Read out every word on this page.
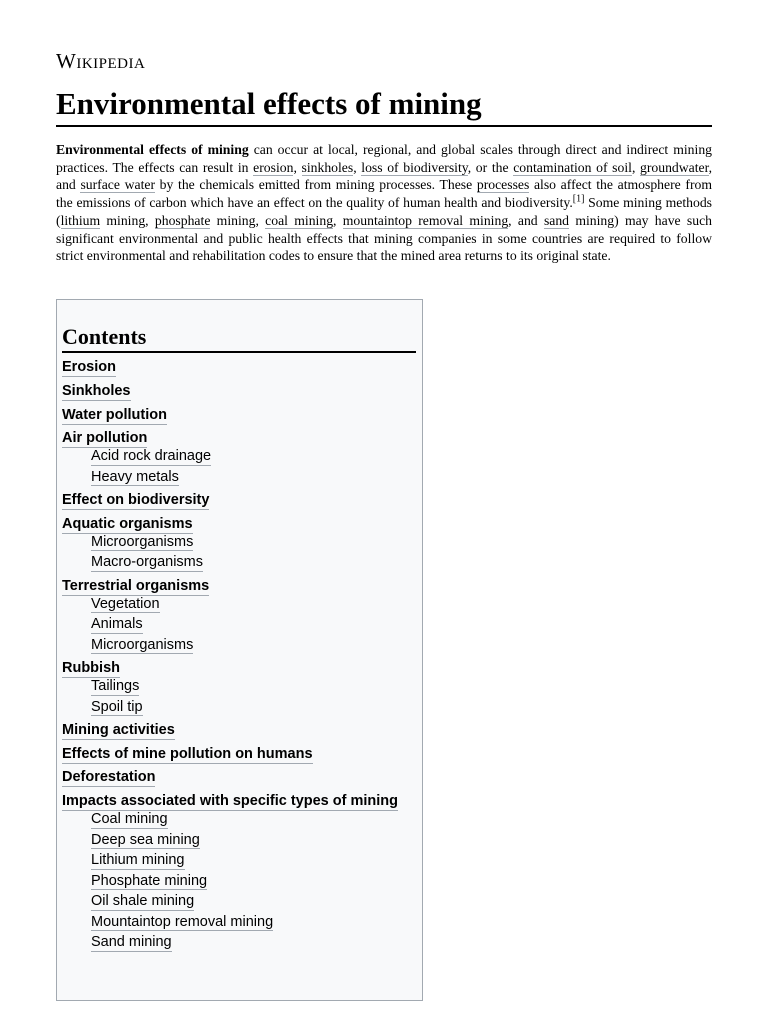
Wikipedia
Environmental effects of mining

Environmental effects of mining can occur at local, regional, and global scales through direct and indirect mining practices. The effects can result in erosion, sinkholes, loss of biodiversity, or the contamination of soil, groundwater, and surface water by the chemicals emitted from mining processes. These processes also affect the atmosphere from the emissions of carbon which have an effect on the quality of human health and biodiversity.[1] Some mining methods (lithium mining, phosphate mining, coal mining, mountaintop removal mining, and sand mining) may have such significant environmental and public health effects that mining companies in some countries are required to follow strict environmental and rehabilitation codes to ensure that the mined area returns to its original state.

Contents
Erosion
Sinkholes
Water pollution
Air pollution
Acid rock drainage
Heavy metals
Effect on biodiversity
Aquatic organisms
Microorganisms
Macro-organisms
Terrestrial organisms
Vegetation
Animals
Microorganisms
Rubbish
Tailings
Spoil tip
Mining activities
Effects of mine pollution on humans
Deforestation
Impacts associated with specific types of mining
Coal mining
Deep sea mining
Lithium mining
Phosphate mining
Oil shale mining
Mountaintop removal mining
Sand mining
